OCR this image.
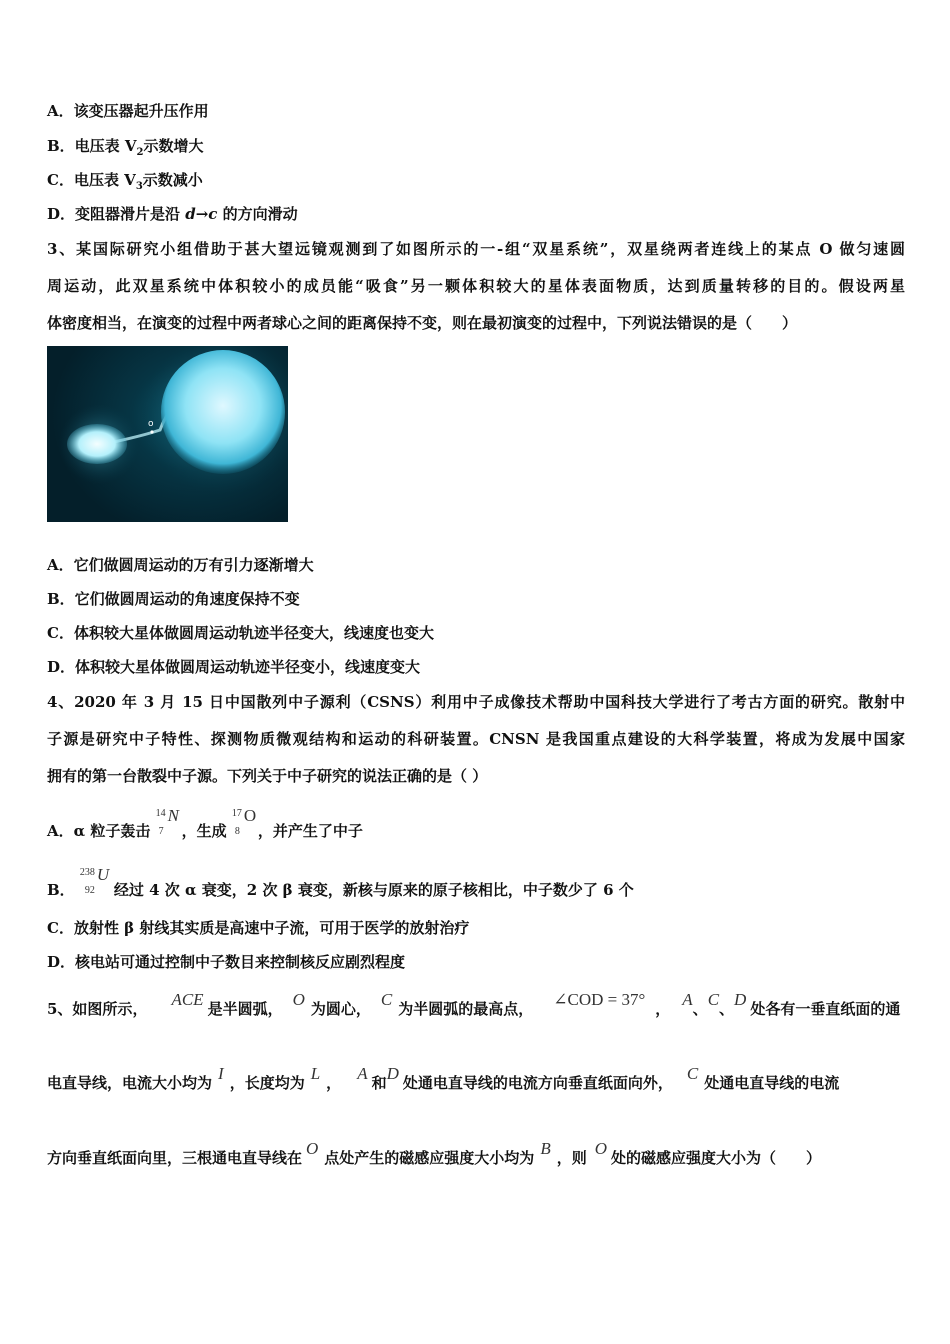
A．该变压器起升压作用
B．电压表 $V_2$示数增大
C．电压表 $V_3$示数减小
D．变阻器滑片是沿 d→c 的方向滑动
3、某国际研究小组借助于甚大望远镜观测到了如图所示的一-组“双星系统”，双星绕两者连线上的某点 O 做匀速圆
周运动，此双星系统中体积较小的成员能“吸食”另一颗体积较大的星体表面物质，达到质量转移的目的。假设两星
体密度相当，在演变的过程中两者球心之间的距离保持不变，则在最初演变的过程中，下列说法错误的是（　　）
o
A．它们做圆周运动的万有引力逐渐增大
B．它们做圆周运动的角速度保持不变
C．体积较大星体做圆周运动轨迹半径变大，线速度也变大
D．体积较大星体做圆周运动轨迹半径变小，线速度变大
4、2020 年 3 月 15 日中国散列中子源利（CSNS）利用中子成像技术帮助中国科技大学进行了考古方面的研究。散射中
子源是研究中子特性、探测物质微观结构和运动的科研装置。CNSN 是我国重点建设的大科学装置，将成为发展中国家
拥有的第一台散裂中子源。下列关于中子研究的说法正确的是（ ）
A．α 粒子轰击
14
7
N
，生成
17
8
O
，并产生了中子
B．
238
92
U
经过 4 次 α 衰变，2 次 β 衰变，新核与原来的原子核相比，中子数少了 6 个
C．放射性 β 射线其实质是高速中子流，可用于医学的放射治疗
D．核电站可通过控制中子数目来控制核反应剧烈程度
5、如图所示， ACE 是半圆弧， O 为圆心， C 为半圆弧的最高点， ∠COD = 37° ， A、C、D 处各有一垂直纸面的通
电直导线，电流大小均为 I ，长度均为 L ， A 和D 处通电直导线的电流方向垂直纸面向外， C 处通电直导线的电流
方向垂直纸面向里，三根通电直导线在 O 点处产生的磁感应强度大小均为 B ，则 O 处的磁感应强度大小为（　　）
